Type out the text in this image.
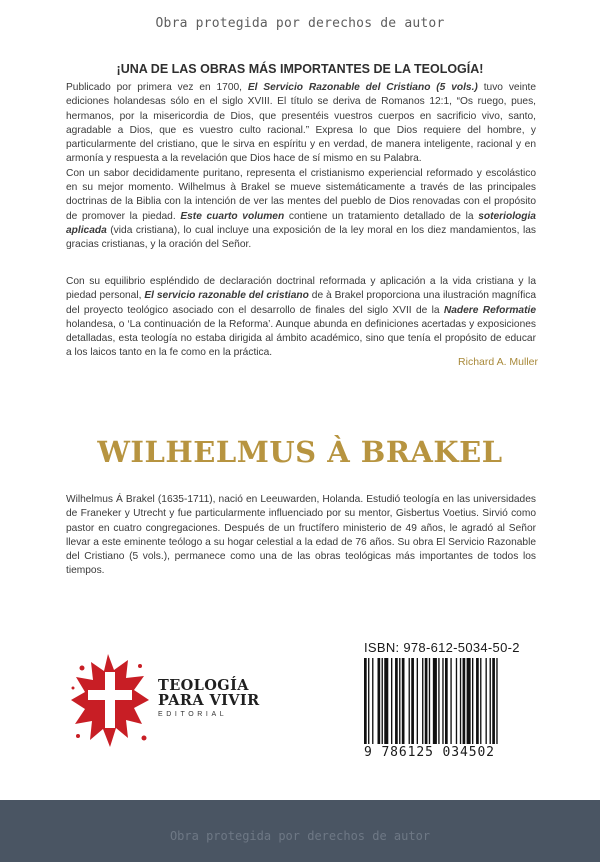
Obra protegida por derechos de autor
¡UNA DE LAS OBRAS MÁS IMPORTANTES DE LA TEOLOGÍA!

Publicado por primera vez en 1700, El Servicio Razonable del Cristiano (5 vols.) tuvo veinte ediciones holandesas sólo en el siglo XVIII. El título se deriva de Romanos 12:1, “Os ruego, pues, hermanos, por la misericordia de Dios, que presentéis vuestros cuerpos en sacrificio vivo, santo, agradable a Dios, que es vuestro culto racional.” Expresa lo que Dios requiere del hombre, y particularmente del cristiano, que le sirva en espíritu y en verdad, de manera inteligente, racional y en armonía y respuesta a la revelación que Dios hace de sí mismo en su Palabra.

Con un sabor decididamente puritano, representa el cristianismo experiencial reformado y escolástico en su mejor momento. Wilhelmus à Brakel se mueve sistemáticamente a través de las principales doctrinas de la Biblia con la intención de ver las mentes del pueblo de Dios renovadas con el propósito de promover la piedad. Este cuarto volumen contiene un tratamiento detallado de la soteriologia aplicada (vida cristiana), lo cual incluye una exposición de la ley moral en los diez mandamientos, las gracias cristianas, y la oración del Señor.

Con su equilibrio espléndido de declaración doctrinal reformada y aplicación a la vida cristiana y la piedad personal, El servicio razonable del cristiano de à Brakel proporciona una ilustración magnífica del proyecto teológico asociado con el desarrollo de finales del siglo XVII de la Nadere Reformatie holandesa, o ‘La continuación de la Reforma’. Aunque abunda en definiciones acertadas y exposiciones detalladas, esta teología no estaba dirigida al ámbito académico, sino que tenía el propósito de educar a los laicos tanto en la fe como en la práctica.

Richard A. Muller
WILHELMUS À BRAKEL

Wilhelmus Á Brakel (1635-1711), nació en Leeuwarden, Holanda. Estudió teología en las universidades de Franeker y Utrecht y fue particularmente influenciado por su mentor, Gisbertus Voetius. Sirvió como pastor en cuatro congregaciones. Después de un fructífero ministerio de 49 años, le agradó al Señor llevar a este eminente teólogo a su hogar celestial a la edad de 76 años. Su obra El Servicio Razonable del Cristiano (5 vols.), permanece como una de las obras teológicas más importantes de todos los tiempos.

TEOLOGÍA
PARA VIVIR
EDITORIAL
ISBN: 978-612-5034-50-2
9 786125 034502
Obra protegida por derechos de autor
